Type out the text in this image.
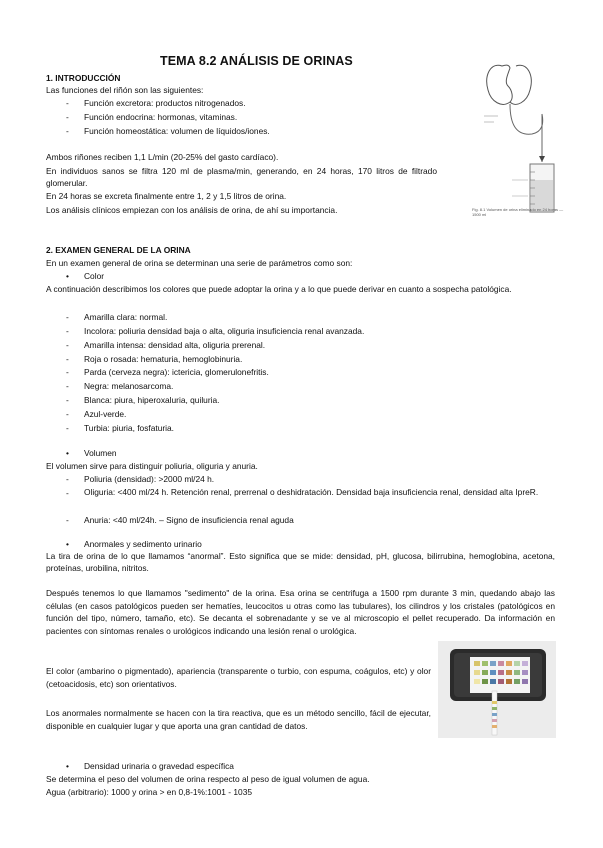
TEMA 8.2 ANÁLISIS DE ORINAS
1. INTRODUCCIÓN
Las funciones del riñón son las siguientes:
- Función excretora: productos nitrogenados.
- Función endocrina: hormonas, vitaminas.
- Función homeostática: volumen de líquidos/iones.
Ambos riñones reciben 1,1 L/min (20-25% del gasto cardíaco).
En individuos sanos se filtra 120 ml de plasma/min, generando, en 24 horas, 170 litros de filtrado glomerular.
En 24 horas se excreta finalmente entre 1, 2 y 1,5 litros de orina.
Los análisis clínicos empiezan con los análisis de orina, de ahí su importancia.	Fig. 8.1 Volumen de orina eliminado en 24 horas — 1500 ml
2. EXAMEN GENERAL DE LA ORINA
En un examen general de orina se determinan una serie de parámetros como son:
• Color
A continuación describimos los colores que puede adoptar la orina y a lo que puede derivar en cuanto a sospecha patológica.
- Amarilla clara: normal.
- Incolora: poliuria densidad baja o alta, oliguria insuficiencia renal avanzada.
- Amarilla intensa: densidad alta, oliguria prerenal.
- Roja o rosada: hematuria, hemoglobinuria.
- Parda (cerveza negra): ictericia, glomerulonefritis.
- Negra: melanosarcoma.
- Blanca: piura, hiperoxaluria, quiluria.
- Azul-verde.
- Turbia: piuria, fosfaturia.
• Volumen
El volumen sirve para distinguir poliuria, oliguria y anuria.
- Poliuria (densidad): >2000 ml/24 h.
- Oliguria: <400 ml/24 h. Retención renal, prerrenal o deshidratación. Densidad baja insuficiencia renal, densidad alta IpreR.
- Anuria: <40 ml/24h. – Signo de insuficiencia renal aguda
• Anormales y sedimento urinario
La tira de orina de lo que llamamos “anormal”. Esto significa que se mide: densidad, pH, glucosa, bilirrubina, hemoglobina, acetona, proteínas, urobilina, nitritos.
Después tenemos lo que llamamos "sedimento" de la orina. Esa orina se centrifuga a 1500 rpm durante 3 min, quedando abajo las células (en casos patológicos pueden ser hematíes, leucocitos u otras como las tubulares), los cilindros y los cristales (patológicos en función del tipo, número, tamaño, etc). Se decanta el sobrenadante y se ve al microscopio el pellet recuperado. Da información en pacientes con síntomas renales o urológicos indicando una lesión renal o urológica.
El color (ambarino o pigmentado), apariencia (transparente o turbio, con espuma, coágulos, etc) y olor (cetoacidosis, etc) son orientativos.
Los anormales normalmente se hacen con la tira reactiva, que es un método sencillo, fácil de ejecutar, disponible en cualquier lugar y que aporta una gran cantidad de datos.
• Densidad urinaria o gravedad específica
Se determina el peso del volumen de orina respecto al peso de igual volumen de agua.
Agua (arbitrario): 1000 y orina > en 0,8-1%:1001 - 1035
